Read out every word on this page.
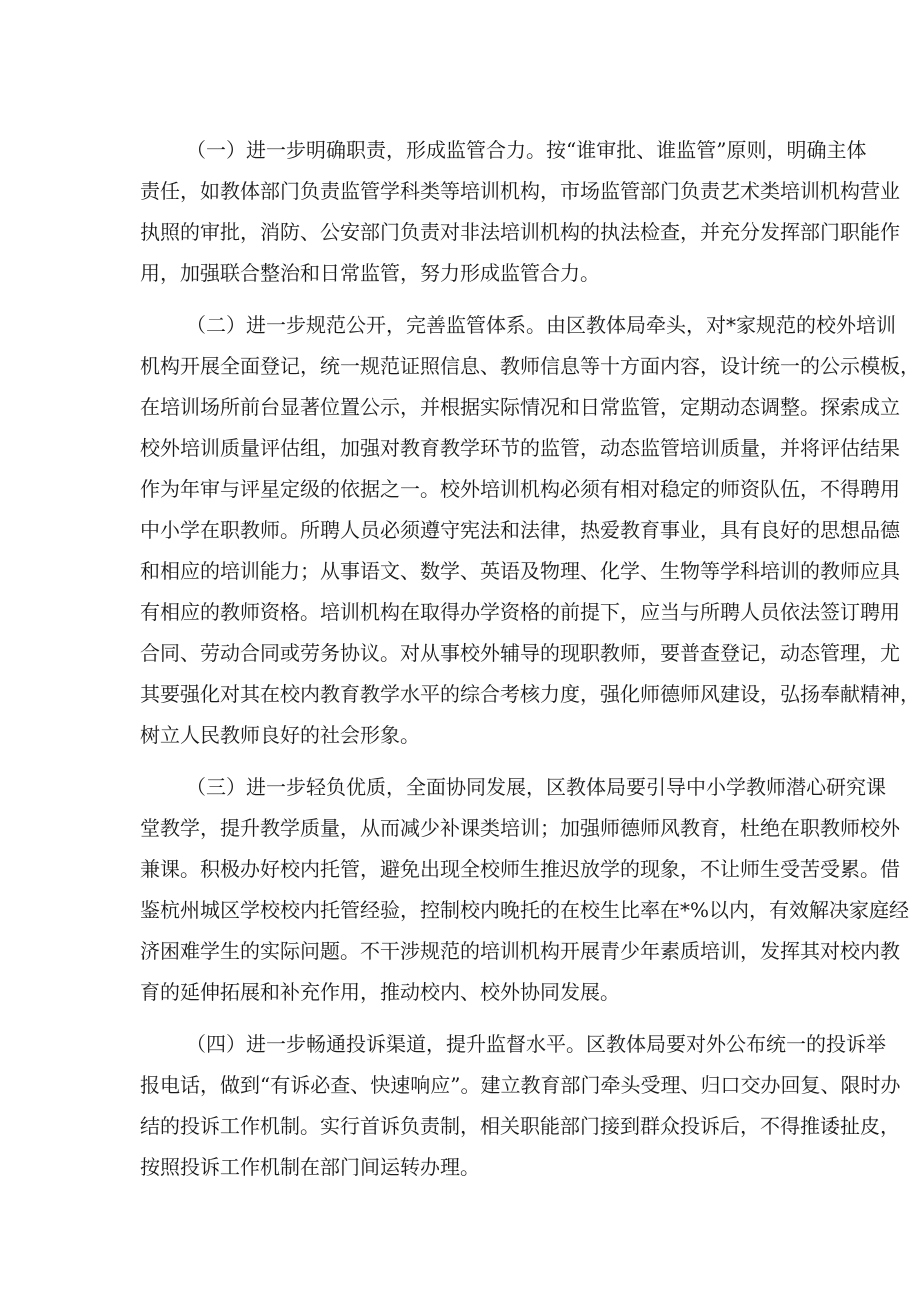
（一）进一步明确职责，形成监管合力。按“谁审批、谁监管”原则，明确主体
责任，如教体部门负责监管学科类等培训机构，市场监管部门负责艺术类培训机构营业
执照的审批，消防、公安部门负责对非法培训机构的执法检查，并充分发挥部门职能作
用，加强联合整治和日常监管，努力形成监管合力。
（二）进一步规范公开，完善监管体系。由区教体局牵头，对*家规范的校外培训
机构开展全面登记，统一规范证照信息、教师信息等十方面内容，设计统一的公示模板，
在培训场所前台显著位置公示，并根据实际情况和日常监管，定期动态调整。探索成立
校外培训质量评估组，加强对教育教学环节的监管，动态监管培训质量，并将评估结果
作为年审与评星定级的依据之一。校外培训机构必须有相对稳定的师资队伍，不得聘用
中小学在职教师。所聘人员必须遵守宪法和法律，热爱教育事业，具有良好的思想品德
和相应的培训能力；从事语文、数学、英语及物理、化学、生物等学科培训的教师应具
有相应的教师资格。培训机构在取得办学资格的前提下，应当与所聘人员依法签订聘用
合同、劳动合同或劳务协议。对从事校外辅导的现职教师，要普查登记，动态管理，尤
其要强化对其在校内教育教学水平的综合考核力度，强化师德师风建设，弘扬奉献精神，
树立人民教师良好的社会形象。
（三）进一步轻负优质，全面协同发展，区教体局要引导中小学教师潜心研究课
堂教学，提升教学质量，从而减少补课类培训；加强师德师风教育，杜绝在职教师校外
兼课。积极办好校内托管，避免出现全校师生推迟放学的现象，不让师生受苦受累。借
鉴杭州城区学校校内托管经验，控制校内晚托的在校生比率在*%以内，有效解决家庭经
济困难学生的实际问题。不干涉规范的培训机构开展青少年素质培训，发挥其对校内教
育的延伸拓展和补充作用，推动校内、校外协同发展。
（四）进一步畅通投诉渠道，提升监督水平。区教体局要对外公布统一的投诉举
报电话，做到“有诉必查、快速响应”。建立教育部门牵头受理、归口交办回复、限时办
结的投诉工作机制。实行首诉负责制，相关职能部门接到群众投诉后，不得推诿扯皮，
按照投诉工作机制在部门间运转办理。
